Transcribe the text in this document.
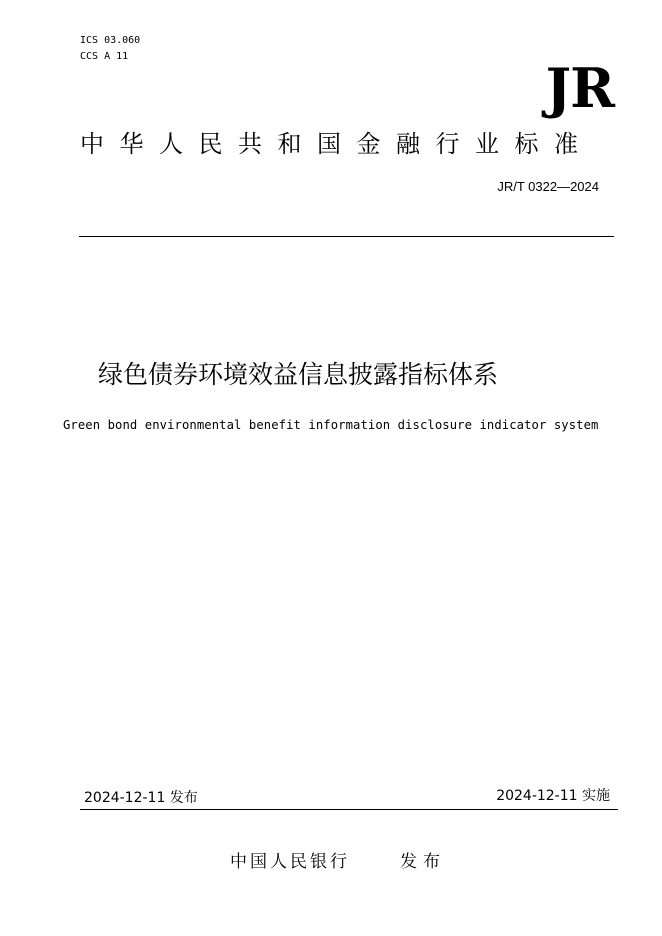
ICS 03.060
CCS A 11	JR
中华人民共和国金融行业标准
JR/T 0322—2024
绿色债券环境效益信息披露指标体系
Green bond environmental benefit information disclosure indicator system
2024-12-11 发布	2024-12-11 实施
中国人民银行	发布
